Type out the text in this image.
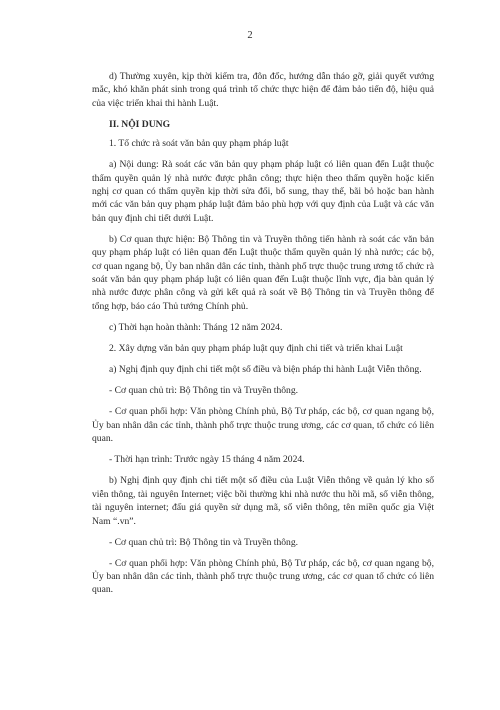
2

d) Thường xuyên, kịp thời kiểm tra, đôn đốc, hướng dẫn tháo gỡ, giải quyết vướng mắc, khó khăn phát sinh trong quá trình tổ chức thực hiện để đảm bảo tiến độ, hiệu quả của việc triển khai thi hành Luật.

II. NỘI DUNG

1. Tổ chức rà soát văn bản quy phạm pháp luật

a) Nội dung: Rà soát các văn bản quy phạm pháp luật có liên quan đến Luật thuộc thẩm quyền quản lý nhà nước được phân công; thực hiện theo thẩm quyền hoặc kiến nghị cơ quan có thẩm quyền kịp thời sửa đổi, bổ sung, thay thế, bãi bỏ hoặc ban hành mới các văn bản quy phạm pháp luật đảm bảo phù hợp với quy định của Luật và các văn bản quy định chi tiết dưới Luật.

b) Cơ quan thực hiện: Bộ Thông tin và Truyền thông tiến hành rà soát các văn bản quy phạm pháp luật có liên quan đến Luật thuộc thẩm quyền quản lý nhà nước; các bộ, cơ quan ngang bộ, Ủy ban nhân dân các tỉnh, thành phố trực thuộc trung ương tổ chức rà soát văn bản quy phạm pháp luật có liên quan đến Luật thuộc lĩnh vực, địa bàn quản lý nhà nước được phân công và gửi kết quả rà soát về Bộ Thông tin và Truyền thông để tổng hợp, báo cáo Thủ tướng Chính phủ.

c) Thời hạn hoàn thành: Tháng 12 năm 2024.

2. Xây dựng văn bản quy phạm pháp luật quy định chi tiết và triển khai Luật

a) Nghị định quy định chi tiết một số điều và biện pháp thi hành Luật Viễn thông.

- Cơ quan chủ trì: Bộ Thông tin và Truyền thông.

- Cơ quan phối hợp: Văn phòng Chính phủ, Bộ Tư pháp, các bộ, cơ quan ngang bộ, Ủy ban nhân dân các tỉnh, thành phố trực thuộc trung ương, các cơ quan, tổ chức có liên quan.

- Thời hạn trình: Trước ngày 15 tháng 4 năm 2024.

b) Nghị định quy định chi tiết một số điều của Luật Viễn thông về quản lý kho số viễn thông, tài nguyên Internet; việc bồi thường khi nhà nước thu hồi mã, số viễn thông, tài nguyên internet; đấu giá quyền sử dụng mã, số viễn thông, tên miền quốc gia Việt Nam “.vn”.

- Cơ quan chủ trì: Bộ Thông tin và Truyền thông.

- Cơ quan phối hợp: Văn phòng Chính phủ, Bộ Tư pháp, các bộ, cơ quan ngang bộ, Ủy ban nhân dân các tỉnh, thành phố trực thuộc trung ương, các cơ quan tổ chức có liên quan.
